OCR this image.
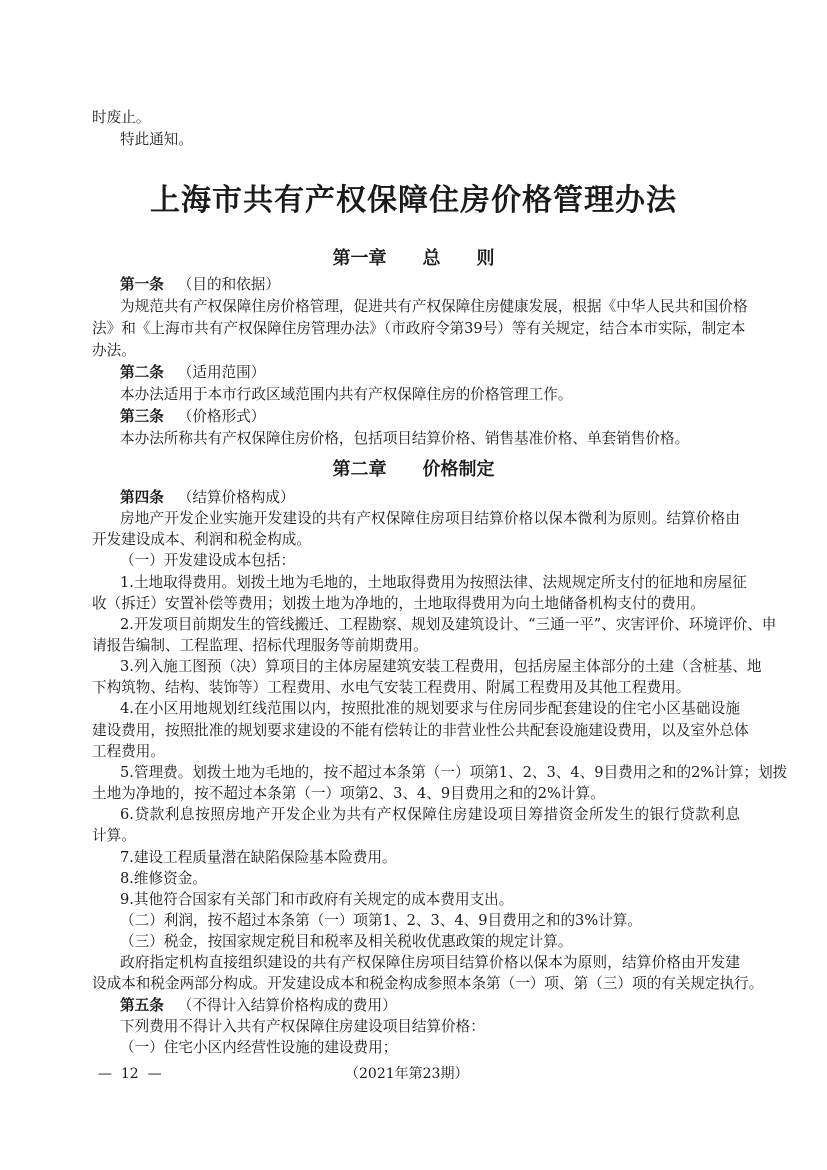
上海市共有产权保障住房价格管理办法
时废止。
特此通知。
第一章　　总　　则
第一条 （目的和依据）
为规范共有产权保障住房价格管理，促进共有产权保障住房健康发展，根据《中华人民共和国价格
法》和《上海市共有产权保障住房管理办法》（市政府令第39号）等有关规定，结合本市实际，制定本
办法。
第二条 （适用范围）
本办法适用于本市行政区域范围内共有产权保障住房的价格管理工作。
第三条 （价格形式）
本办法所称共有产权保障住房价格，包括项目结算价格、销售基准价格、单套销售价格。
第二章　　价格制定
第四条 （结算价格构成）
房地产开发企业实施开发建设的共有产权保障住房项目结算价格以保本微利为原则。结算价格由
开发建设成本、利润和税金构成。
（一）开发建设成本包括：
1.土地取得费用。划拨土地为毛地的，土地取得费用为按照法律、法规规定所支付的征地和房屋征
收（拆迁）安置补偿等费用；划拨土地为净地的，土地取得费用为向土地储备机构支付的费用。
2.开发项目前期发生的管线搬迁、工程勘察、规划及建筑设计、“三通一平”、灾害评价、环境评价、申
请报告编制、工程监理、招标代理服务等前期费用。
3.列入施工图预（决）算项目的主体房屋建筑安装工程费用，包括房屋主体部分的土建（含桩基、地
下构筑物、结构、装饰等）工程费用、水电气安装工程费用、附属工程费用及其他工程费用。
4.在小区用地规划红线范围以内，按照批准的规划要求与住房同步配套建设的住宅小区基础设施
建设费用，按照批准的规划要求建设的不能有偿转让的非营业性公共配套设施建设费用，以及室外总体
工程费用。
5.管理费。划拨土地为毛地的，按不超过本条第（一）项第1、2、3、4、9目费用之和的2%计算；划拨
土地为净地的，按不超过本条第（一）项第2、3、4、9目费用之和的2%计算。
6.贷款利息按照房地产开发企业为共有产权保障住房建设项目筹措资金所发生的银行贷款利息
计算。
7.建设工程质量潜在缺陷保险基本险费用。
8.维修资金。
9.其他符合国家有关部门和市政府有关规定的成本费用支出。
（二）利润，按不超过本条第（一）项第1、2、3、4、9目费用之和的3%计算。
（三）税金，按国家规定税目和税率及相关税收优惠政策的规定计算。
政府指定机构直接组织建设的共有产权保障住房项目结算价格以保本为原则，结算价格由开发建
设成本和税金两部分构成。开发建设成本和税金构成参照本条第（一）项、第（三）项的有关规定执行。
第五条 （不得计入结算价格构成的费用）
下列费用不得计入共有产权保障住房建设项目结算价格：
（一）住宅小区内经营性设施的建设费用；
—  12  —	（2021年第23期）
